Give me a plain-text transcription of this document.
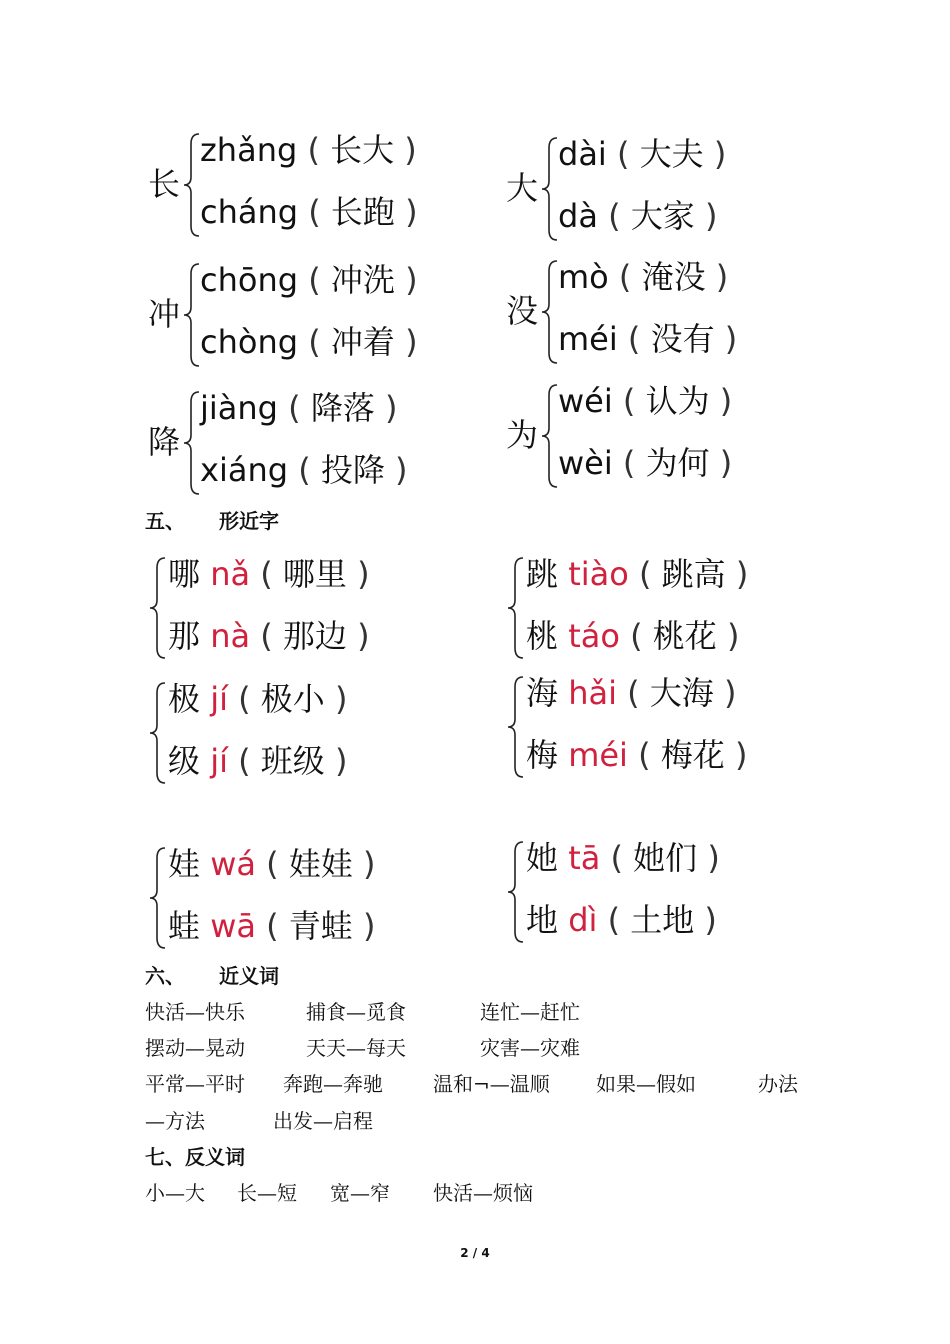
长
zhǎng ( 长大 )
cháng ( 长跑 )
大
dài ( 大夫 )
dà ( 大家 )
冲
chōng ( 冲洗 )
chòng ( 冲着 )
没
mò ( 淹没 )
méi ( 没有 )
降
jiàng ( 降落 )
xiáng ( 投降 )
为
wéi ( 认为 )
wèi ( 为何 )
五、 形近字
哪 nǎ ( 哪里 )
那 nà ( 那边 )
跳 tiào ( 跳高 )
桃 táo ( 桃花 )
极 jí ( 极小 )
级 jí ( 班级 )
海 hǎi ( 大海 )
梅 méi ( 梅花 )
娃 wá ( 娃娃 )
蛙 wā ( 青蛙 )
她 tā ( 她们 )
地 dì ( 土地 )
六、 近义词
快活—快乐	捕食—觅食	连忙—赶忙
摆动—晃动	天天—每天	灾害—灾难
平常—平时 奔跑—奔驰	温和¬—温顺 如果—假如	办法
—方法	出发—启程
七、反义词
小—大 长—短 宽—窄 快活—烦恼
2 / 4
